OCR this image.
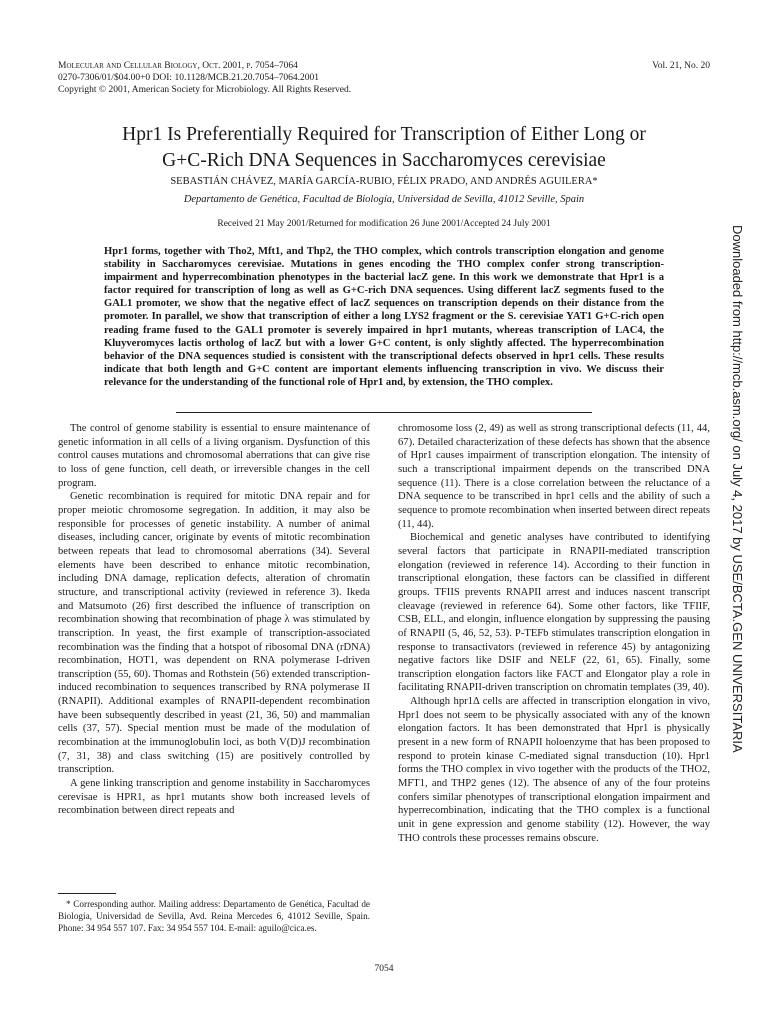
Molecular and Cellular Biology, Oct. 2001, p. 7054–7064
0270-7306/01/$04.00+0 DOI: 10.1128/MCB.21.20.7054–7064.2001
Copyright © 2001, American Society for Microbiology. All Rights Reserved.
Vol. 21, No. 20
Hpr1 Is Preferentially Required for Transcription of Either Long or
G+C-Rich DNA Sequences in Saccharomyces cerevisiae
SEBASTIÁN CHÁVEZ, MARÍA GARCÍA-RUBIO, FÉLIX PRADO, AND ANDRÉS AGUILERA*
Departamento de Genética, Facultad de Biología, Universidad de Sevilla, 41012 Seville, Spain
Received 21 May 2001/Returned for modification 26 June 2001/Accepted 24 July 2001

Hpr1 forms, together with Tho2, Mft1, and Thp2, the THO complex, which controls transcription elongation and genome stability in Saccharomyces cerevisiae. Mutations in genes encoding the THO complex confer strong transcription-impairment and hyperrecombination phenotypes in the bacterial lacZ gene. In this work we demonstrate that Hpr1 is a factor required for transcription of long as well as G+C-rich DNA sequences. Using different lacZ segments fused to the GAL1 promoter, we show that the negative effect of lacZ sequences on transcription depends on their distance from the promoter. In parallel, we show that transcription of either a long LYS2 fragment or the S. cerevisiae YAT1 G+C-rich open reading frame fused to the GAL1 promoter is severely impaired in hpr1 mutants, whereas transcription of LAC4, the Kluyveromyces lactis ortholog of lacZ but with a lower G+C content, is only slightly affected. The hyperrecombination behavior of the DNA sequences studied is consistent with the transcriptional defects observed in hpr1 cells. These results indicate that both length and G+C content are important elements influencing transcription in vivo. We discuss their relevance for the understanding of the functional role of Hpr1 and, by extension, the THO complex.

The control of genome stability is essential to ensure maintenance of genetic information in all cells of a living organism. Dysfunction of this control causes mutations and chromosomal aberrations that can give rise to loss of gene function, cell death, or irreversible changes in the cell program.

Genetic recombination is required for mitotic DNA repair and for proper meiotic chromosome segregation. In addition, it may also be responsible for processes of genetic instability. A number of animal diseases, including cancer, originate by events of mitotic recombination between repeats that lead to chromosomal aberrations (34). Several elements have been described to enhance mitotic recombination, including DNA damage, replication defects, alteration of chromatin structure, and transcriptional activity (reviewed in reference 3). Ikeda and Matsumoto (26) first described the influence of transcription on recombination showing that recombination of phage λ was stimulated by transcription. In yeast, the first example of transcription-associated recombination was the finding that a hotspot of ribosomal DNA (rDNA) recombination, HOT1, was dependent on RNA polymerase I-driven transcription (55, 60). Thomas and Rothstein (56) extended transcription-induced recombination to sequences transcribed by RNA polymerase II (RNAPII). Additional examples of RNAPII-dependent recombination have been subsequently described in yeast (21, 36, 50) and mammalian cells (37, 57). Special mention must be made of the modulation of recombination at the immunoglobulin loci, as both V(D)J recombination (7, 31, 38) and class switching (15) are positively controlled by transcription.

A gene linking transcription and genome instability in Saccharomyces cerevisae is HPR1, as hpr1 mutants show both increased levels of recombination between direct repeats and

chromosome loss (2, 49) as well as strong transcriptional defects (11, 44, 67). Detailed characterization of these defects has shown that the absence of Hpr1 causes impairment of transcription elongation. The intensity of such a transcriptional impairment depends on the transcribed DNA sequence (11). There is a close correlation between the reluctance of a DNA sequence to be transcribed in hpr1 cells and the ability of such a sequence to promote recombination when inserted between direct repeats (11, 44).

Biochemical and genetic analyses have contributed to identifying several factors that participate in RNAPII-mediated transcription elongation (reviewed in reference 14). According to their function in transcriptional elongation, these factors can be classified in different groups. TFIIS prevents RNAPII arrest and induces nascent transcript cleavage (reviewed in reference 64). Some other factors, like TFIIF, CSB, ELL, and elongin, influence elongation by suppressing the pausing of RNAPII (5, 46, 52, 53). P-TEFb stimulates transcription elongation in response to transactivators (reviewed in reference 45) by antagonizing negative factors like DSIF and NELF (22, 61, 65). Finally, some transcription elongation factors like FACT and Elongator play a role in facilitating RNAPII-driven transcription on chromatin templates (39, 40).

Although hpr1Δ cells are affected in transcription elongation in vivo, Hpr1 does not seem to be physically associated with any of the known elongation factors. It has been demonstrated that Hpr1 is physically present in a new form of RNAPII holoenzyme that has been proposed to respond to protein kinase C-mediated signal transduction (10). Hpr1 forms the THO complex in vivo together with the products of the THO2, MFT1, and THP2 genes (12). The absence of any of the four proteins confers similar phenotypes of transcriptional elongation impairment and hyperrecombination, indicating that the THO complex is a functional unit in gene expression and genome stability (12). However, the way THO controls these processes remains obscure.

* Corresponding author. Mailing address: Departamento de Genética, Facultad de Biología, Universidad de Sevilla, Avd. Reina Mercedes 6, 41012 Seville, Spain. Phone: 34 954 557 107. Fax: 34 954 557 104. E-mail: aguilo@cica.es.

7054
Downloaded from http://mcb.asm.org/ on July 4, 2017 by USE/BCTA.GEN UNIVERSITARIA
